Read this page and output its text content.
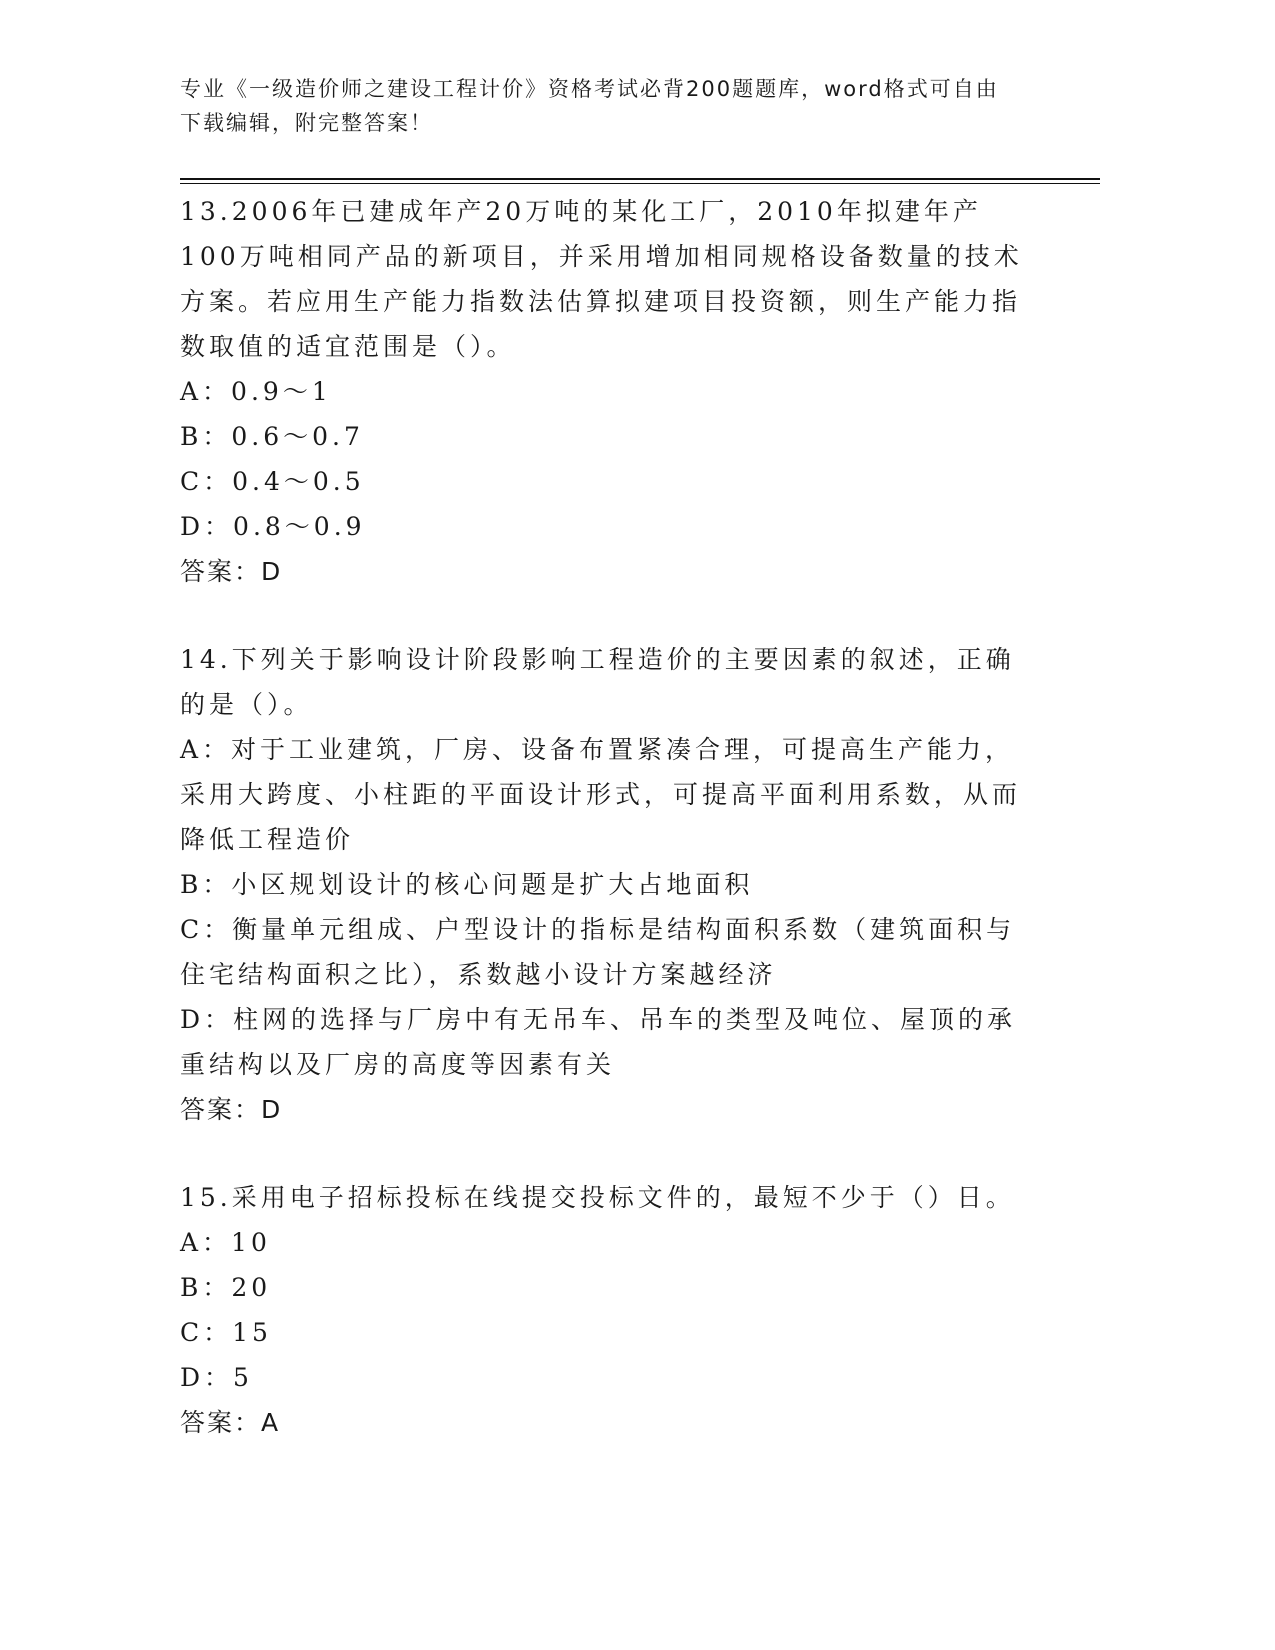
专业《一级造价师之建设工程计价》资格考试必背200题题库，word格式可自由
下载编辑，附完整答案！

13.2006年已建成年产20万吨的某化工厂，2010年拟建年产100万吨相同产品的新项目，并采用增加相同规格设备数量的技术方案。若应用生产能力指数法估算拟建项目投资额，则生产能力指数取值的适宜范围是（）。

A：0.9～1

B：0.6～0.7

C：0.4～0.5

D：0.8～0.9

答案：D

14.下列关于影响设计阶段影响工程造价的主要因素的叙述，正确的是（）。

A：对于工业建筑，厂房、设备布置紧凑合理，可提高生产能力，采用大跨度、小柱距的平面设计形式，可提高平面利用系数，从而降低工程造价

B：小区规划设计的核心问题是扩大占地面积

C：衡量单元组成、户型设计的指标是结构面积系数（建筑面积与住宅结构面积之比），系数越小设计方案越经济

D：柱网的选择与厂房中有无吊车、吊车的类型及吨位、屋顶的承重结构以及厂房的高度等因素有关

答案：D

15.采用电子招标投标在线提交投标文件的，最短不少于（）日。

A：10

B：20

C：15

D：5

答案：A
